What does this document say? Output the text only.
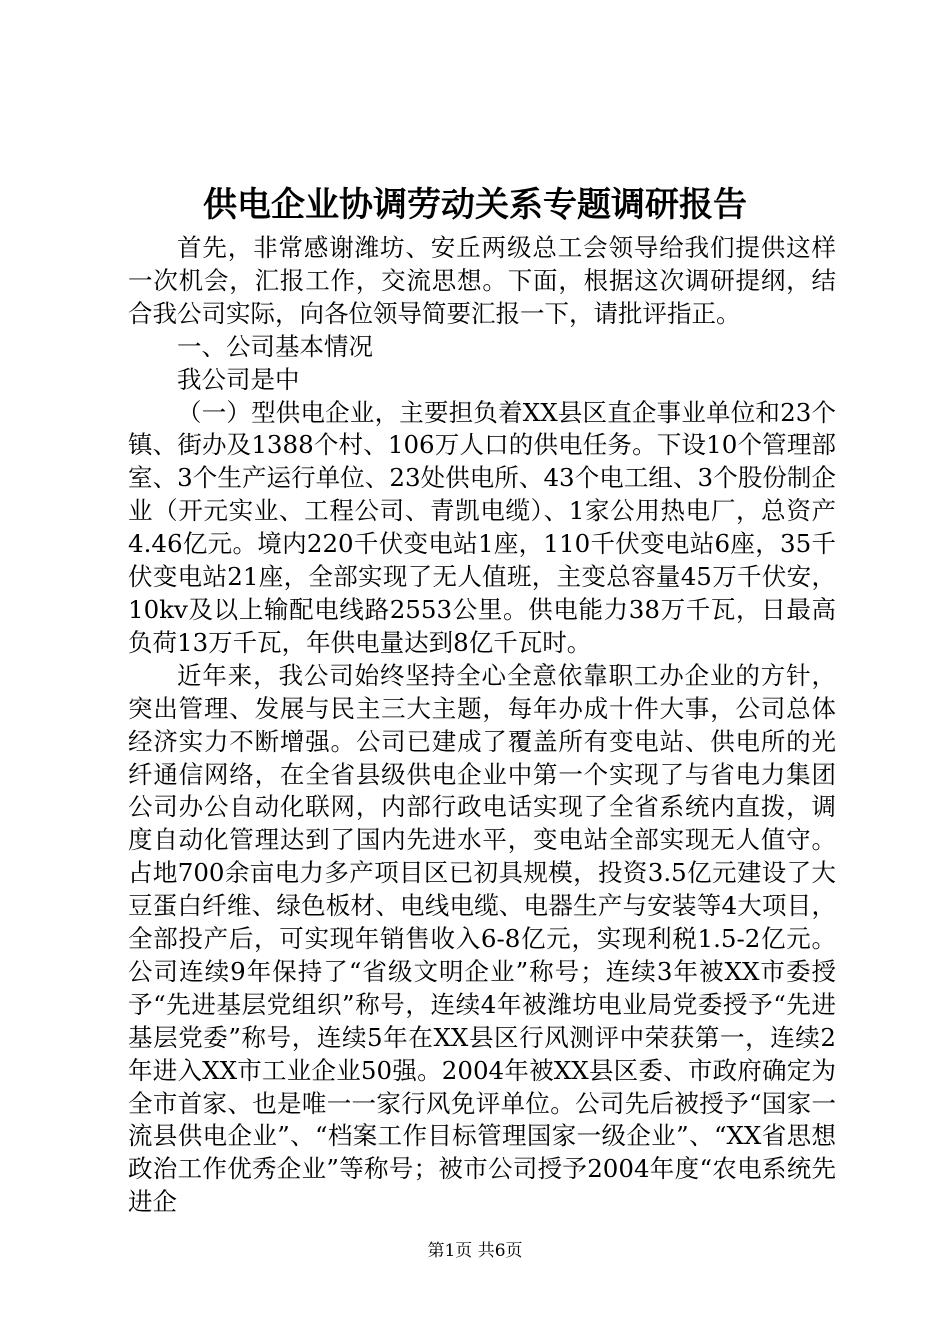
供电企业协调劳动关系专题调研报告

首先，非常感谢潍坊、安丘两级总工会领导给我们提供这样一次机会，汇报工作，交流思想。下面，根据这次调研提纲，结合我公司实际，向各位领导简要汇报一下，请批评指正。

一、公司基本情况

我公司是中

（一）型供电企业，主要担负着XX县区直企事业单位和23个镇、街办及1388个村、106万人口的供电任务。下设10个管理部室、3个生产运行单位、23处供电所、43个电工组、3个股份制企业（开元实业、工程公司、青凯电缆）、1家公用热电厂，总资产4.46亿元。境内220千伏变电站1座，110千伏变电站6座，35千伏变电站21座，全部实现了无人值班，主变总容量45万千伏安，10kv及以上输配电线路2553公里。供电能力38万千瓦，日最高负荷13万千瓦，年供电量达到8亿千瓦时。

近年来，我公司始终坚持全心全意依靠职工办企业的方针，突出管理、发展与民主三大主题，每年办成十件大事，公司总体经济实力不断增强。公司已建成了覆盖所有变电站、供电所的光纤通信网络，在全省县级供电企业中第一个实现了与省电力集团公司办公自动化联网，内部行政电话实现了全省系统内直拨，调度自动化管理达到了国内先进水平，变电站全部实现无人值守。占地700余亩电力多产项目区已初具规模，投资3.5亿元建设了大豆蛋白纤维、绿色板材、电线电缆、电器生产与安装等4大项目，全部投产后，可实现年销售收入6-8亿元，实现利税1.5-2亿元。公司连续9年保持了“省级文明企业”称号；连续3年被XX市委授予“先进基层党组织”称号，连续4年被潍坊电业局党委授予“先进基层党委”称号，连续5年在XX县区行风测评中荣获第一，连续2年进入XX市工业企业50强。2004年被XX县区委、市政府确定为全市首家、也是唯一一家行风免评单位。公司先后被授予“国家一流县供电企业”、“档案工作目标管理国家一级企业”、“XX省思想政治工作优秀企业”等称号；被市公司授予2004年度“农电系统先进企

第1页 共6页
